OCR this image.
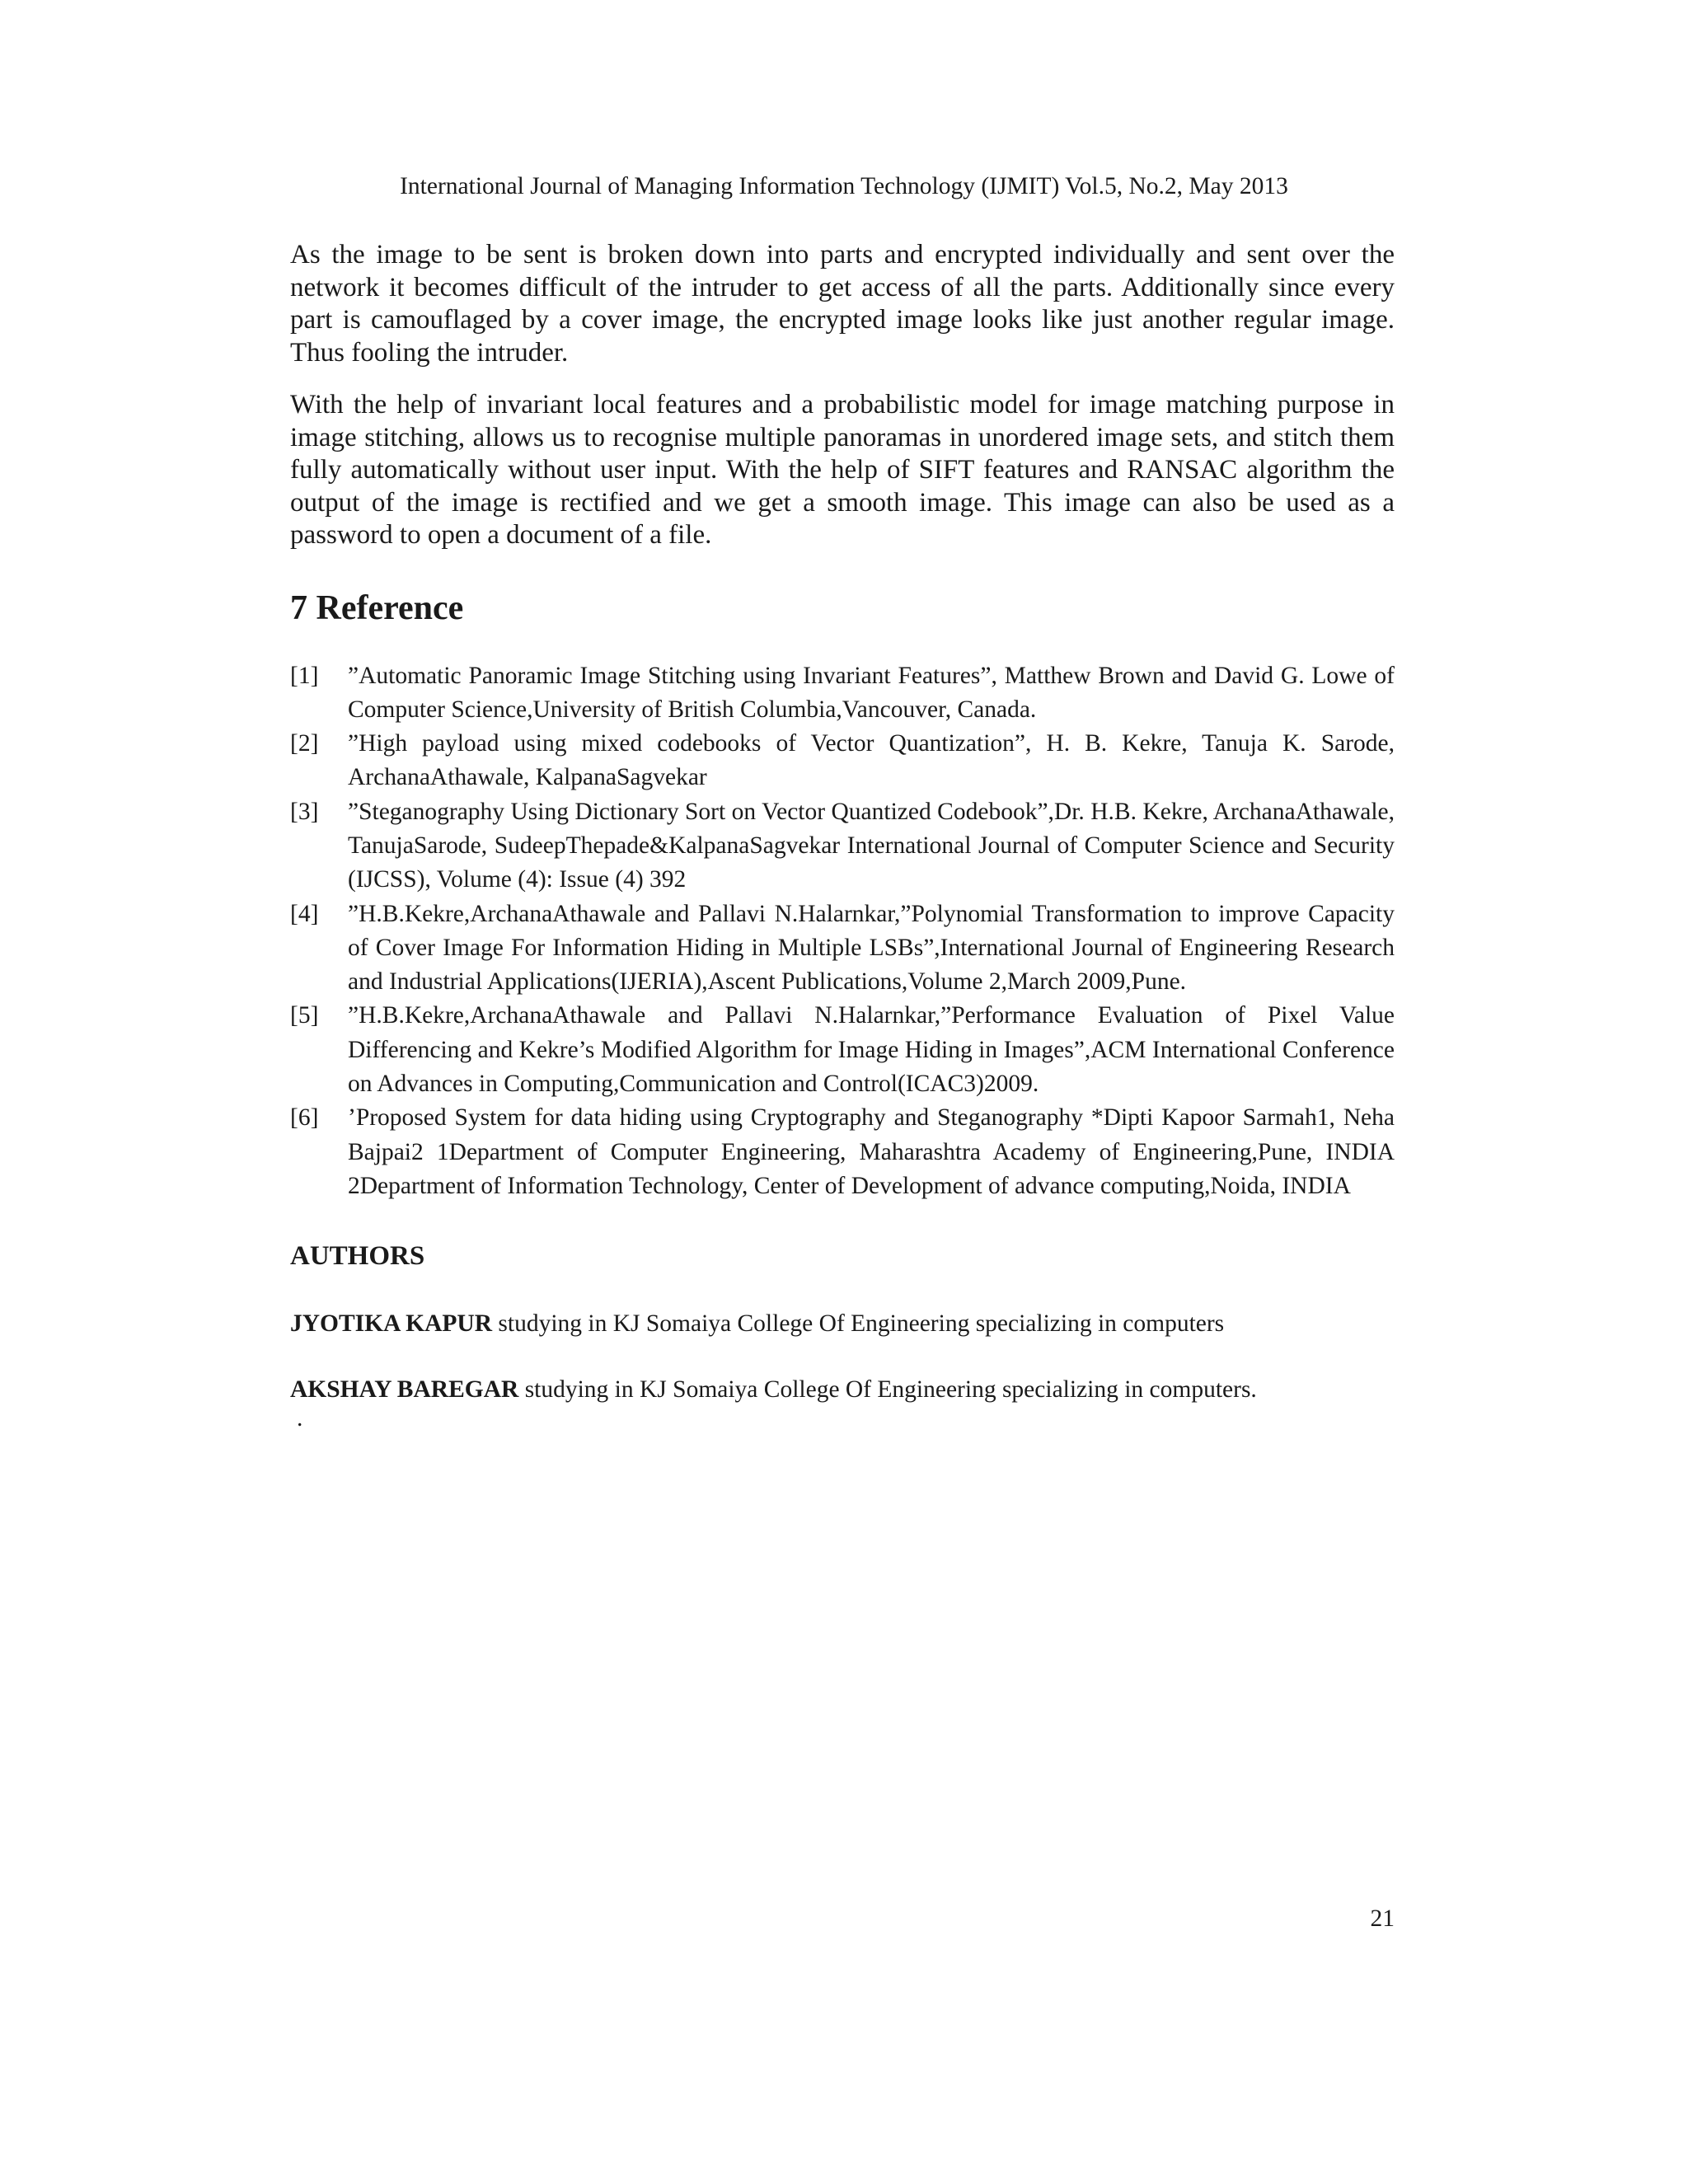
International Journal of Managing Information Technology (IJMIT) Vol.5, No.2, May 2013

As the image to be sent is broken down into parts and encrypted individually and sent over the network it becomes difficult of the intruder to get access of all the parts. Additionally since every part is camouflaged by a cover image, the encrypted image looks like just another regular image. Thus fooling the intruder.

With the help of invariant local features and a probabilistic model for image matching purpose in image stitching, allows us to recognise multiple panoramas in unordered image sets, and stitch them fully automatically without user input. With the help of SIFT features and RANSAC algorithm the output of the image is rectified and we get a smooth image. This image can also be used as a password to open a document of a file.

7 Reference
[1]	”Automatic Panoramic Image Stitching using Invariant Features”, Matthew Brown and David G. Lowe of Computer Science,University of British Columbia,Vancouver, Canada.
[2]	”High payload using mixed codebooks of Vector Quantization”, H. B. Kekre, Tanuja K. Sarode, ArchanaAthawale, KalpanaSagvekar
[3]	”Steganography Using Dictionary Sort on Vector Quantized Codebook”,Dr. H.B. Kekre, ArchanaAthawale, TanujaSarode, SudeepThepade&KalpanaSagvekar International Journal of Computer Science and Security (IJCSS), Volume (4): Issue (4) 392
[4]	”H.B.Kekre,ArchanaAthawale and Pallavi N.Halarnkar,”Polynomial Transformation to improve Capacity of Cover Image For Information Hiding in Multiple LSBs”,International Journal of Engineering Research and Industrial Applications(IJERIA),Ascent Publications,Volume 2,March 2009,Pune.
[5]	”H.B.Kekre,ArchanaAthawale and Pallavi N.Halarnkar,”Performance Evaluation of Pixel Value Differencing and Kekre’s Modified Algorithm for Image Hiding in Images”,ACM International Conference on Advances in Computing,Communication and Control(ICAC3)2009.
[6]	’Proposed System for data hiding using Cryptography and Steganography *Dipti Kapoor Sarmah1, Neha Bajpai2 1Department of Computer Engineering, Maharashtra Academy of Engineering,Pune, INDIA 2Department of Information Technology, Center of Development of advance computing,Noida, INDIA
AUTHORS

JYOTIKA KAPUR studying in KJ Somaiya College Of Engineering specializing in computers

AKSHAY BAREGAR studying in KJ Somaiya College Of Engineering specializing in computers.

.

21
